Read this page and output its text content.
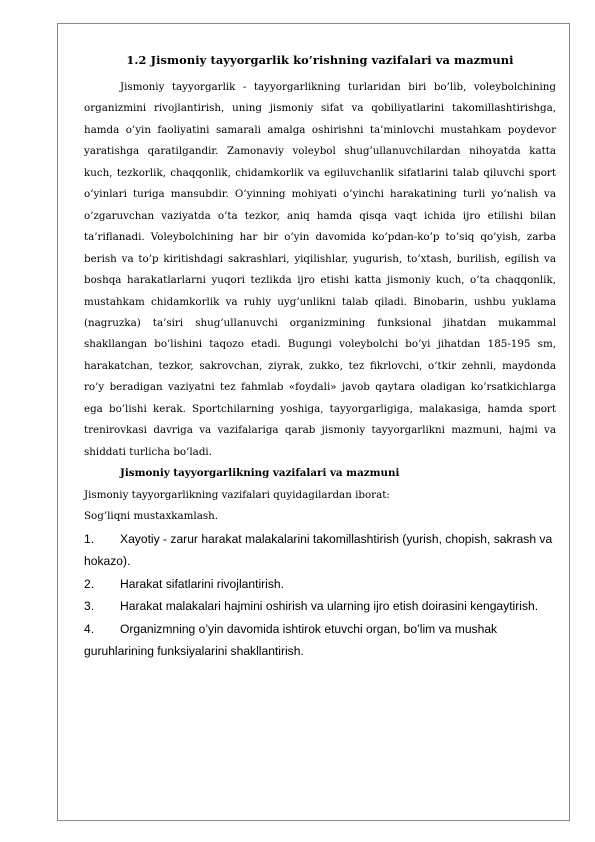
1.2 Jismoniy tayyorgarlik ko’rishning vazifalari va mazmuni

Jismoniy tayyorgarlik - tayyorgarlikning turlaridan biri bo’lib, voleybolchining organizmini rivojlantirish, uning jismoniy sifat va qobiliyatlarini takomillashtirishga, hamda o’yin faoliyatini samarali amalga oshirishni ta’minlovchi mustahkam poydevor yaratishga qaratilgandir. Zamonaviy voleybol shug’ullanuvchilardan nihoyatda katta kuch, tezkorlik, chaqqonlik, chidamkorlik va egiluvchanlik sifatlarini talab qiluvchi sport o’yinlari turiga mansubdir. O’yinning mohiyati o’yinchi harakatining turli yo’nalish va o’zgaruvchan vaziyatda o’ta tezkor, aniq hamda qisqa vaqt ichida ijro etilishi bilan ta’riflanadi. Voleybolchining har bir o’yin davomida ko’pdan-ko’p to’siq qo’yish, zarba berish va to’p kiritishdagi sakrashlari, yiqilishlar, yugurish, to’xtash, burilish, egilish va boshqa harakatlarlarni yuqori tezlikda ijro etishi katta jismoniy kuch, o’ta chaqqonlik, mustahkam chidamkorlik va ruhiy uyg’unlikni talab qiladi. Binobarin, ushbu yuklama (nagruzka) ta’siri shug’ullanuvchi organizmining funksional jihatdan mukammal shakllangan bo’lishini taqozo etadi. Bugungi voleybolchi bo’yi jihatdan 185-195 sm, harakatchan, tezkor, sakrovchan, ziyrak, zukko, tez fikrlovchi, o’tkir zehnli, maydonda ro’y beradigan vaziyatni tez fahmlab «foydali» javob qaytara oladigan ko’rsatkichlarga ega bo’lishi kerak. Sportchilarning yoshiga, tayyorgarligiga, malakasiga, hamda sport trenirovkasi davriga va vazifalariga qarab jismoniy tayyorgarlikni mazmuni, hajmi va shiddati turlicha bo’ladi.

Jismoniy tayyorgarlikning vazifalari va mazmuni

Jismoniy tayyorgarlikning vazifalari quyidagilardan iborat:

Sog’liqni mustaxkamlash.

1. Xayotiy - zarur harakat malakalarini takomillashtirish (yurish, chopish, sakrash va hokazo).
2. Harakat sifatlarini rivojlantirish.
3. Harakat malakalari hajmini oshirish va ularning ijro etish doirasini kengaytirish.
4. Organizmning o’yin davomida ishtirok etuvchi organ, bo’lim va mushak guruhlarining funksiyalarini shakllantirish.
